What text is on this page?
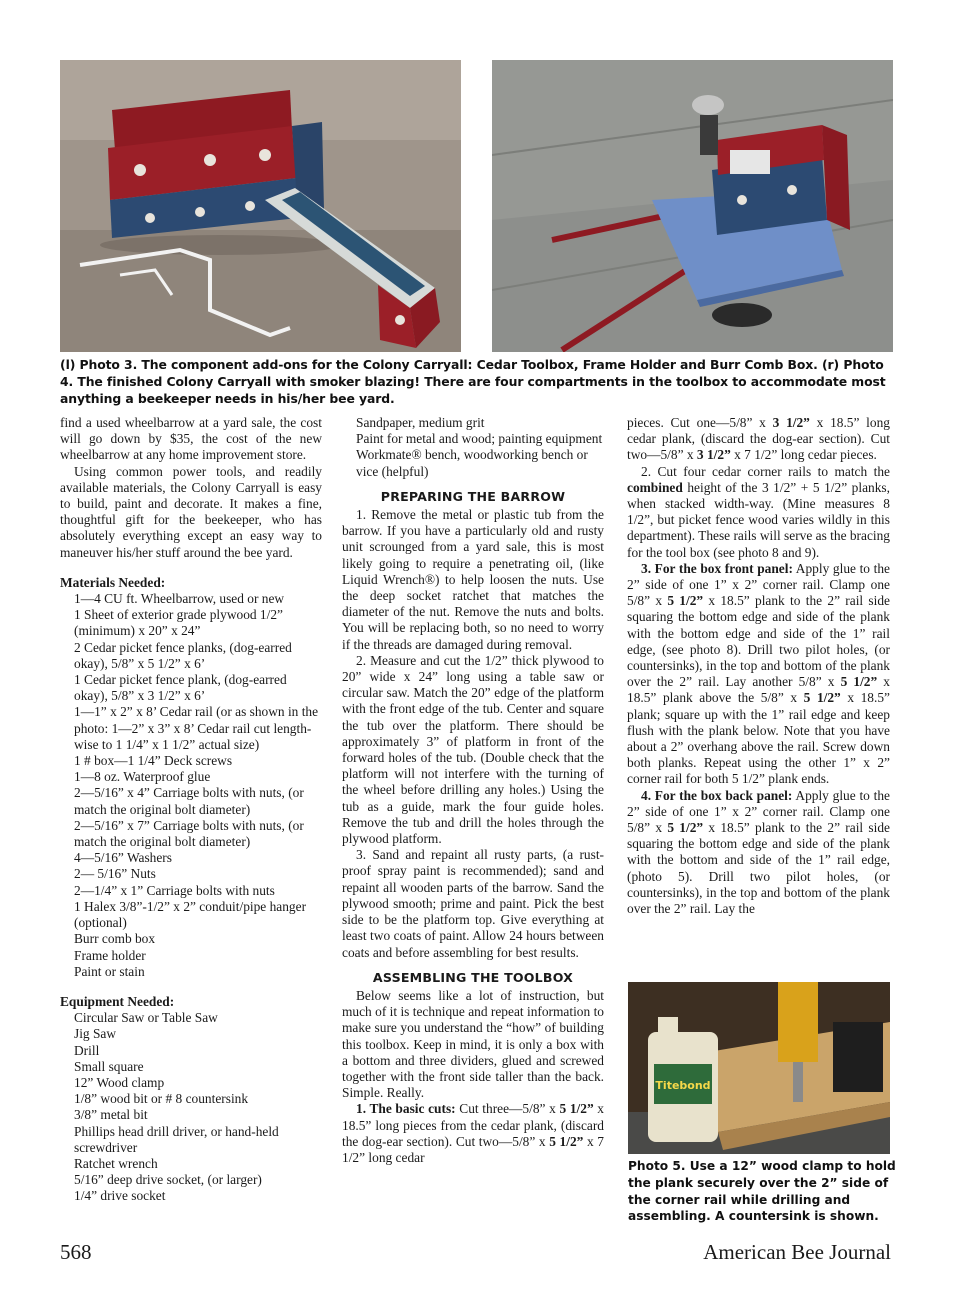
(l) Photo 3. The component add-ons for the Colony Carryall: Cedar Toolbox, Frame Holder and Burr Comb Box. (r) Photo 4. The finished Colony Carryall with smoker blazing! There are four compartments in the toolbox to accommodate most anything a beekeeper needs in his/her bee yard.
Titebond
Photo 5. Use a 12” wood clamp to hold the plank securely over the 2” side of the corner rail while drilling and assembling. A countersink is shown.

find a used wheelbarrow at a yard sale, the cost will go down by $35, the cost of the new wheelbarrow at any home improvement store.

Using common power tools, and readily available materials, the Colony Carryall is easy to build, paint and decorate. It makes a fine, thoughtful gift for the beekeeper, who has absolutely everything except an easy way to maneuver his/her stuff around the bee yard.

Materials Needed:

1—4 CU ft. Wheelbarrow, used or new

1 Sheet of exterior grade plywood 1/2” (minimum) x 20” x 24”

2 Cedar picket fence planks, (dog-earred okay), 5/8” x 5 1/2” x 6’

1 Cedar picket fence plank, (dog-earred okay), 5/8” x 3 1/2” x 6’

1—1” x 2” x 8’ Cedar rail (or as shown in the photo: 1—2” x 3” x 8’ Cedar rail cut length-wise to 1 1/4” x 1 1/2” actual size)

1 # box—1 1/4” Deck screws

1—8 oz. Waterproof glue

2—5/16” x 4” Carriage bolts with nuts, (or match the original bolt diameter)

2—5/16” x 7” Carriage bolts with nuts, (or match the original bolt diameter)

4—5/16” Washers

2— 5/16” Nuts

2—1/4” x 1” Carriage bolts with nuts

1 Halex 3/8”-1/2” x 2” conduit/pipe hanger (optional)

Burr comb box

Frame holder

Paint or stain

Equipment Needed:

Circular Saw or Table Saw

Jig Saw

Drill

Small square

12” Wood clamp

1/8” wood bit or # 8 countersink

3/8” metal bit

Phillips head drill driver, or hand-held screwdriver

Ratchet wrench

5/16” deep drive socket, (or larger)

1/4” drive socket

Sandpaper, medium grit

Paint for metal and wood; painting equipment

Workmate® bench, woodworking bench or vice (helpful)

PREPARING THE BARROW

1. Remove the metal or plastic tub from the barrow. If you have a particularly old and rusty unit scrounged from a yard sale, this is most likely going to require a penetrating oil, (like Liquid Wrench®) to help loosen the nuts. Use the deep socket ratchet that matches the diameter of the nut. Remove the nuts and bolts. You will be replacing both, so no need to worry if the threads are damaged during removal.

2. Measure and cut the 1/2” thick plywood to 20” wide x 24” long using a table saw or circular saw. Match the 20” edge of the platform with the front edge of the tub. Center and square the tub over the platform. There should be approximately 3” of platform in front of the forward holes of the tub. (Double check that the platform will not interfere with the turning of the wheel before drilling any holes.) Using the tub as a guide, mark the four guide holes. Remove the tub and drill the holes through the plywood platform.

3. Sand and repaint all rusty parts, (a rust-proof spray paint is recommended); sand and repaint all wooden parts of the barrow. Sand the plywood smooth; prime and paint. Pick the best side to be the platform top. Give everything at least two coats of paint. Allow 24 hours between coats and before assembling for best results.

ASSEMBLING THE TOOLBOX

Below seems like a lot of instruction, but much of it is technique and repeat information to make sure you understand the “how” of building this toolbox. Keep in mind, it is only a box with a bottom and three dividers, glued and screwed together with the front side taller than the back. Simple. Really.

1. The basic cuts: Cut three—5/8” x 5 1/2” x 18.5” long pieces from the cedar plank, (discard the dog-ear section). Cut two—5/8” x 5 1/2” x 7 1/2” long cedar

pieces. Cut one—5/8” x 3 1/2” x 18.5” long cedar plank, (discard the dog-ear section). Cut two—5/8” x 3 1/2” x 7 1/2” long cedar pieces.

2. Cut four cedar corner rails to match the combined height of the 3 1/2” + 5 1/2” planks, when stacked width-way. (Mine measures 8 1/2”, but picket fence wood varies wildly in this department). These rails will serve as the bracing for the tool box (see photo 8 and 9).

3. For the box front panel: Apply glue to the 2” side of one 1” x 2” corner rail. Clamp one 5/8” x 5 1/2” x 18.5” plank to the 2” rail side squaring the bottom edge and side of the plank with the bottom edge and side of the 1” rail edge, (see photo 8). Drill two pilot holes, (or countersinks), in the top and bottom of the plank over the 2” rail. Lay another 5/8” x 5 1/2” x 18.5” plank above the 5/8” x 5 1/2” x 18.5” plank; square up with the 1” rail edge and keep flush with the plank below. Note that you have about a 2” overhang above the rail. Screw down both planks. Repeat using the other 1” x 2” corner rail for both 5 1/2” plank ends.

4. For the box back panel: Apply glue to the 2” side of one 1” x 2” corner rail. Clamp one 5/8” x 5 1/2” x 18.5” plank to the 2” rail side squaring the bottom edge and side of the plank with the bottom and side of the 1” rail edge, (photo 5). Drill two pilot holes, (or countersinks), in the top and bottom of the plank over the 2” rail. Lay the

568	American Bee Journal
